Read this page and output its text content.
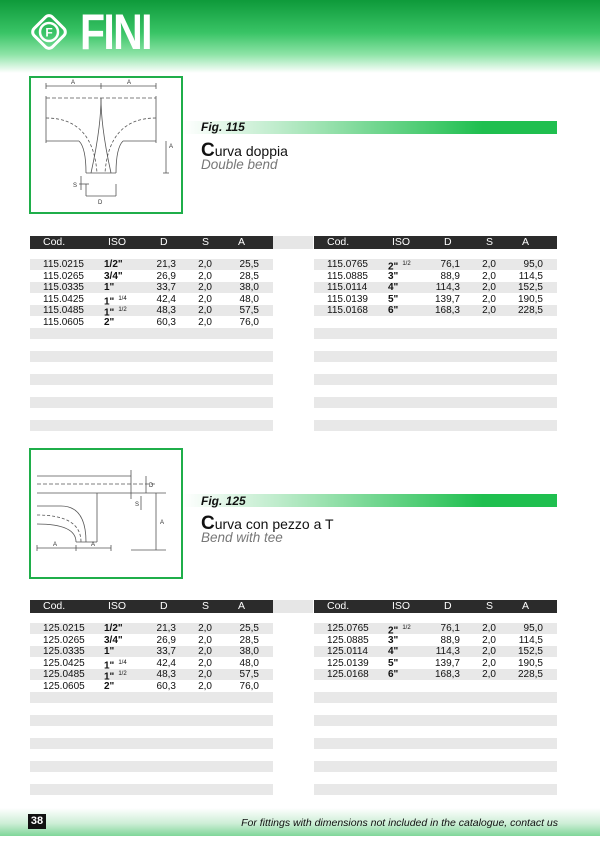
F FINI
A	A
A
S
D
Fig. 115
Curva doppia
Double bend
Cod.	ISO	D	S	A
115.0215 1/2"	21,3	2,0	25,5
115.0265 3/4"	26,9	2,0	28,5
115.0335 1"	33,7	2,0	38,0
115.0425 1" $^{1/4}$	42,4	2,0	48,0
115.0485 1" $^{1/2}$	48,3	2,0	57,5
115.0605 2"	60,3	2,0	76,0
Cod.	ISO	D	S	A
115.0765 2" $^{1/2}$	76,1	2,0	95,0
115.0885 3"	88,9	2,0	114,5
115.0114 4"	114,3	2,0	152,5
115.0139 5"	139,7	2,0	190,5
115.0168 6"	168,3	2,0	228,5
A	A
A
S
D
Fig. 125
Curva con pezzo a T
Bend with tee
Cod.	ISO	D	S	A
125.0215 1/2"	21,3	2,0	25,5
125.0265 3/4"	26,9	2,0	28,5
125.0335 1"	33,7	2,0	38,0
125.0425 1" $^{1/4}$	42,4	2,0	48,0
125.0485 1" $^{1/2}$	48,3	2,0	57,5
125.0605 2"	60,3	2,0	76,0
Cod.	ISO	D	S	A
125.0765 2" $^{1/2}$	76,1	2,0	95,0
125.0885 3"	88,9	2,0	114,5
125.0114 4"	114,3	2,0	152,5
125.0139 5"	139,7	2,0	190,5
125.0168 6"	168,3	2,0	228,5
38	For fittings with dimensions not included in the catalogue, contact us
